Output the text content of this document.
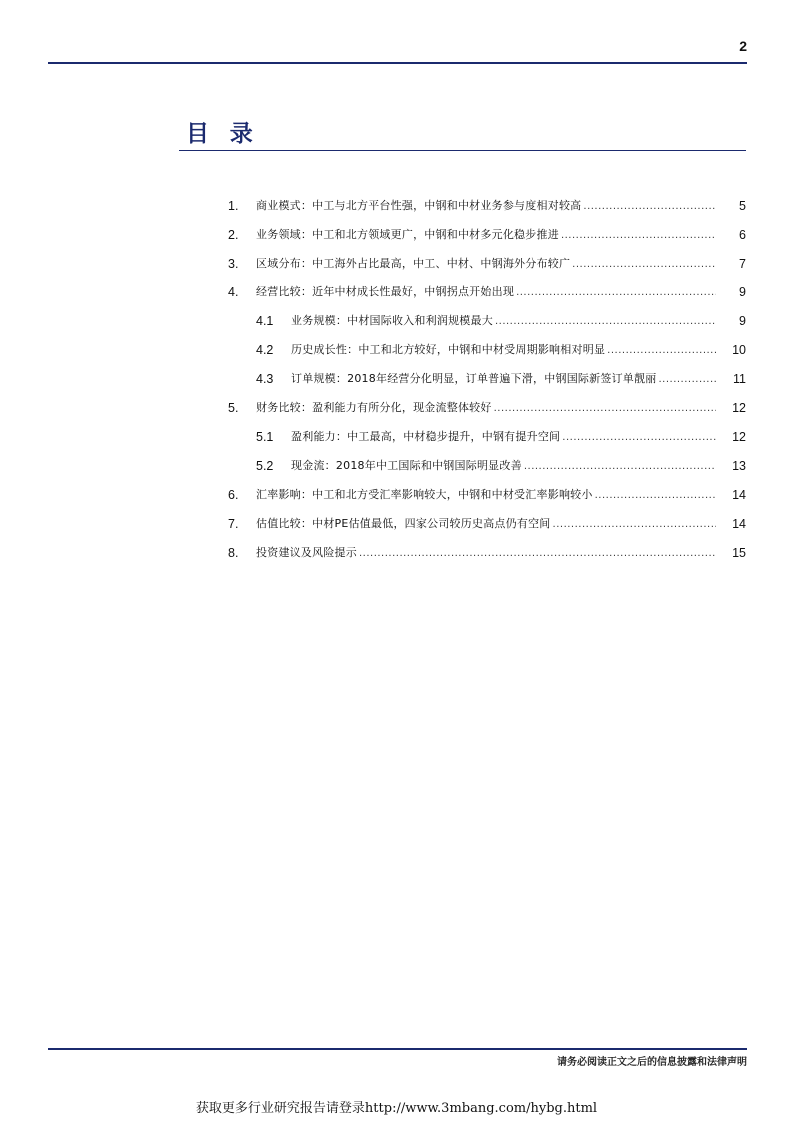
2
目录
1. 商业模式：中工与北方平台性强，中钢和中材业务参与度相对较高 .....	5
2. 业务领域：中工和北方领域更广，中钢和中材多元化稳步推进 .....	6
3. 区域分布：中工海外占比最高，中工、中材、中钢海外分布较广 .....	7
4. 经营比较：近年中材成长性最好，中钢拐点开始出现 .....	9
4.1 业务规模：中材国际收入和利润规模最大 .....	9
4.2 历史成长性：中工和北方较好，中钢和中材受周期影响相对明显 .....	10
4.3 订单规模：2018年经营分化明显，订单普遍下滑，中钢国际新签订单靓丽 .....	11
5. 财务比较：盈利能力有所分化，现金流整体较好 .....	12
5.1 盈利能力：中工最高，中材稳步提升，中钢有提升空间 .....	12
5.2 现金流：2018年中工国际和中钢国际明显改善 .....	13
6. 汇率影响：中工和北方受汇率影响较大，中钢和中材受汇率影响较小 .....	14
7. 估值比较：中材PE估值最低，四家公司较历史高点仍有空间 .....	14
8. 投资建议及风险提示 .....	15
请务必阅读正文之后的信息披露和法律声明
获取更多行业研究报告请登录http://www.3mbang.com/hybg.html
